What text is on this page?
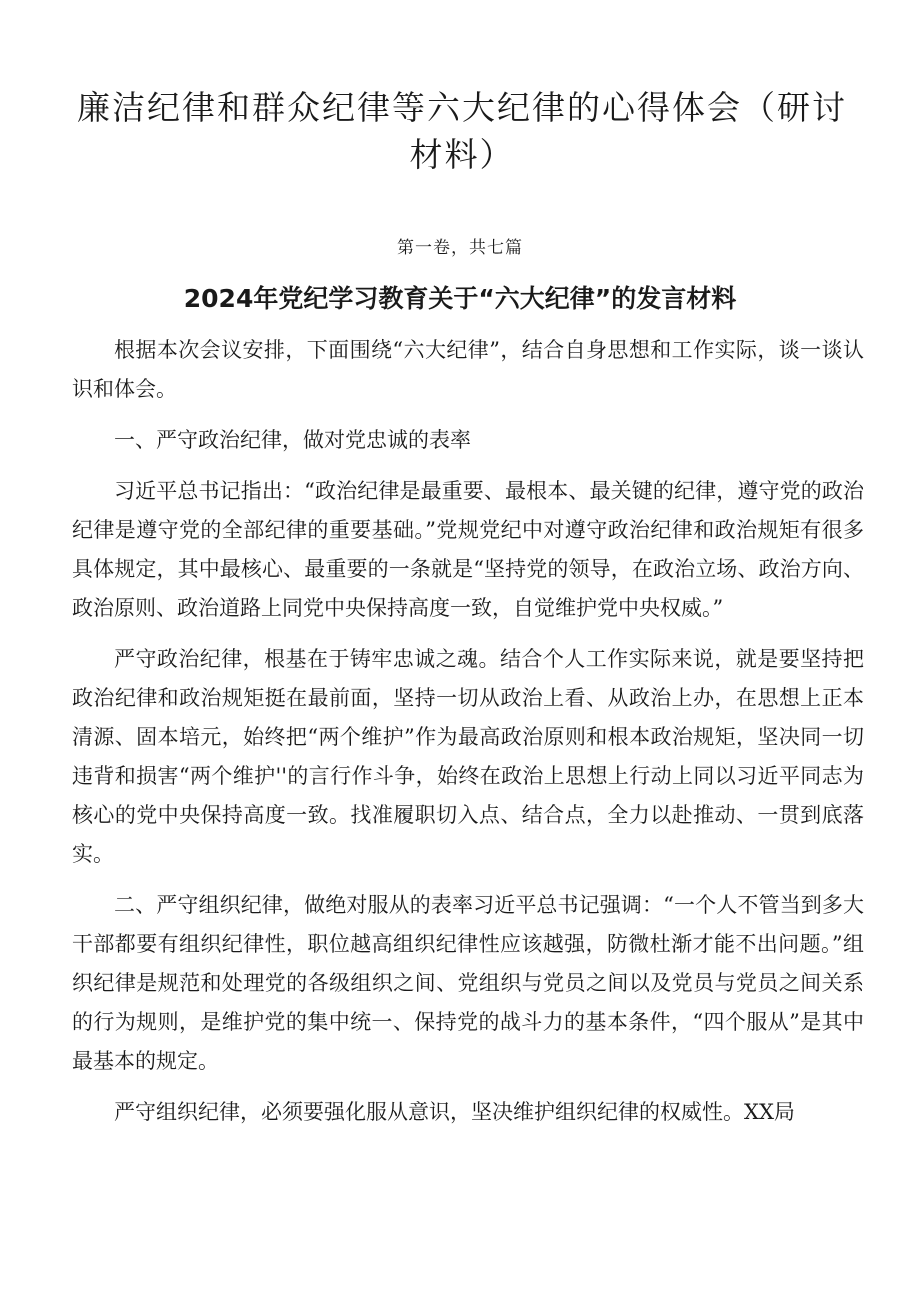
廉洁纪律和群众纪律等六大纪律的心得体会（研讨材料）

第一卷，共七篇

2024年党纪学习教育关于“六大纪律”的发言材料

根据本次会议安排，下面围绕“六大纪律”，结合自身思想和工作实际，谈一谈认识和体会。

一、严守政治纪律，做对党忠诚的表率

习近平总书记指出：“政治纪律是最重要、最根本、最关键的纪律，遵守党的政治纪律是遵守党的全部纪律的重要基础。”党规党纪中对遵守政治纪律和政治规矩有很多具体规定，其中最核心、最重要的一条就是“坚持党的领导，在政治立场、政治方向、政治原则、政治道路上同党中央保持高度一致，自觉维护党中央权威。”

严守政治纪律，根基在于铸牢忠诚之魂。结合个人工作实际来说，就是要坚持把政治纪律和政治规矩挺在最前面，坚持一切从政治上看、从政治上办，在思想上正本清源、固本培元，始终把“两个维护”作为最高政治原则和根本政治规矩，坚决同一切违背和损害“两个维护''的言行作斗争，始终在政治上思想上行动上同以习近平同志为核心的党中央保持高度一致。找准履职切入点、结合点，全力以赴推动、一贯到底落实。

二、严守组织纪律，做绝对服从的表率习近平总书记强调：“一个人不管当到多大干部都要有组织纪律性，职位越高组织纪律性应该越强，防微杜渐才能不出问题。”组织纪律是规范和处理党的各级组织之间、党组织与党员之间以及党员与党员之间关系的行为规则，是维护党的集中统一、保持党的战斗力的基本条件，“四个服从”是其中最基本的规定。

严守组织纪律，必须要强化服从意识，坚决维护组织纪律的权威性。XX局
